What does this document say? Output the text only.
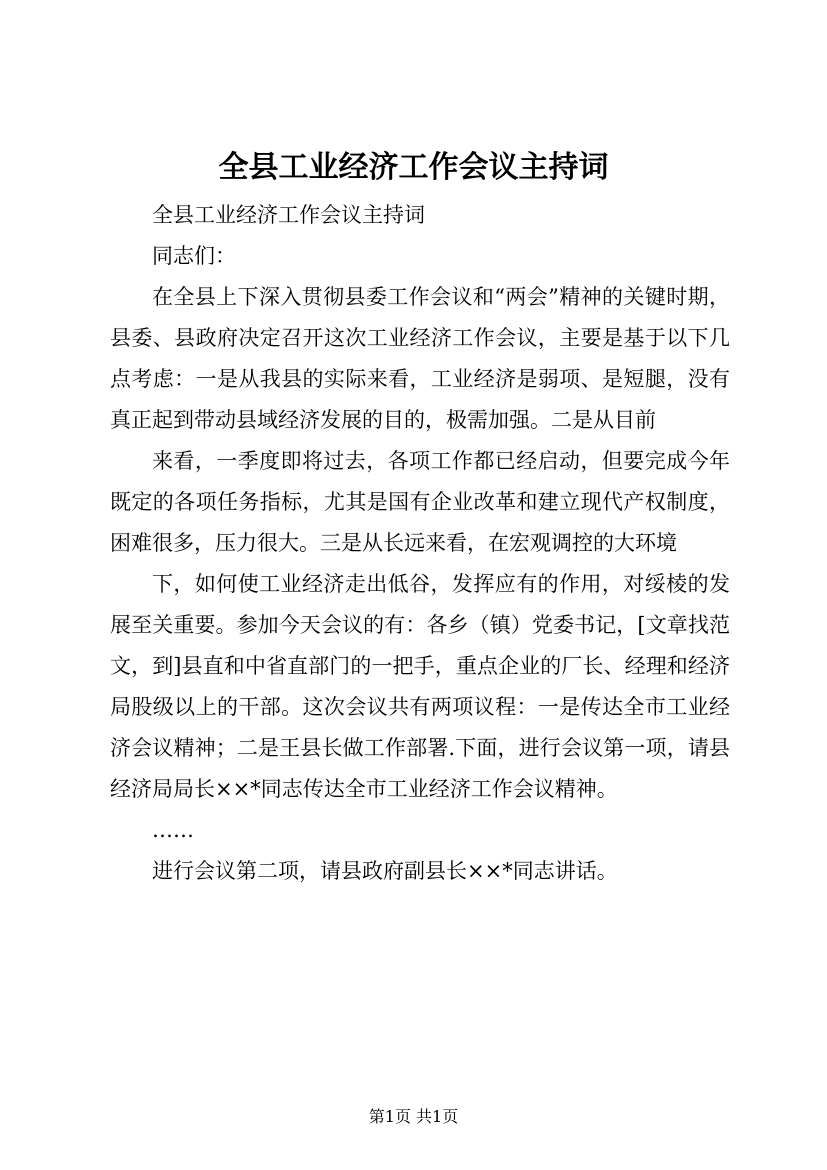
全县工业经济工作会议主持词

全县工业经济工作会议主持词

同志们：

在全县上下深入贯彻县委工作会议和“两会”精神的关键时期，县委、县政府决定召开这次工业经济工作会议，主要是基于以下几点考虑：一是从我县的实际来看，工业经济是弱项、是短腿，没有真正起到带动县域经济发展的目的，极需加强。二是从目前

来看，一季度即将过去，各项工作都已经启动，但要完成今年既定的各项任务指标，尤其是国有企业改革和建立现代产权制度，困难很多，压力很大。三是从长远来看，在宏观调控的大环境

下，如何使工业经济走出低谷，发挥应有的作用，对绥棱的发展至关重要。参加今天会议的有：各乡（镇）党委书记，[文章找范文，到]县直和中省直部门的一把手，重点企业的厂长、经理和经济局股级以上的干部。这次会议共有两项议程：一是传达全市工业经济会议精神；二是王县长做工作部署.下面，进行会议第一项，请县经济局局长××*同志传达全市工业经济工作会议精神。

……

进行会议第二项，请县政府副县长××*同志讲话。

第1页 共1页
